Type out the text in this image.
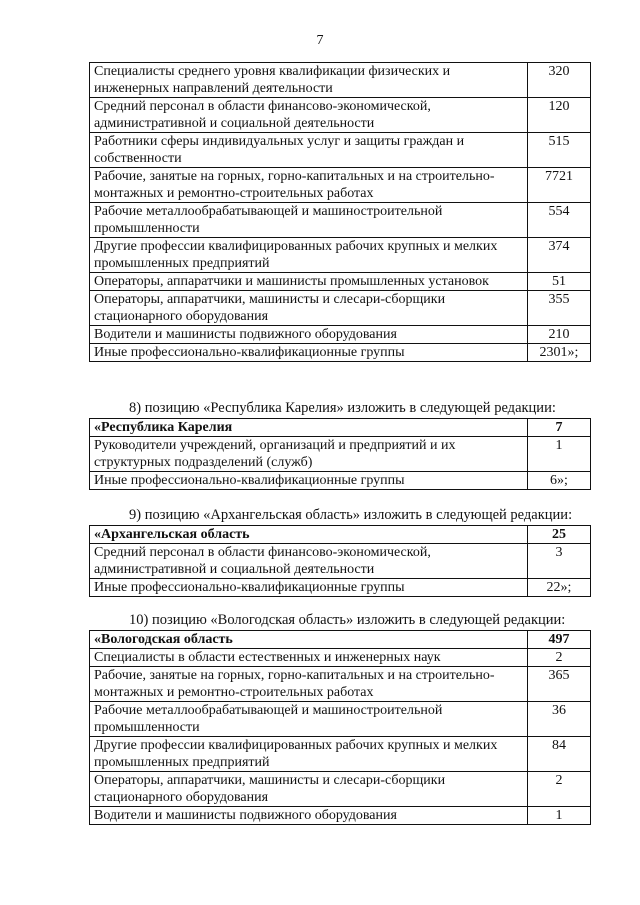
7
Специалисты среднего уровня квалификации физических и инженерных направлений деятельности	320
Средний персонал в области финансово-экономической, административной и социальной деятельности	120
Работники сферы индивидуальных услуг и защиты граждан и собственности	515
Рабочие, занятые на горных, горно-капитальных и на строительно-монтажных и ремонтно-строительных работах	7721
Рабочие металлообрабатывающей и машиностроительной промышленности	554
Другие профессии квалифицированных рабочих крупных и мелких промышленных предприятий	374
Операторы, аппаратчики и машинисты промышленных установок	51
Операторы, аппаратчики, машинисты и слесари-сборщики стационарного оборудования	355
Водители и машинисты подвижного оборудования	210
Иные профессионально-квалификационные группы	2301»;
8) позицию «Республика Карелия» изложить в следующей редакции:
«Республика Карелия	7
Руководители учреждений, организаций и предприятий и их структурных подразделений (служб)	1
Иные профессионально-квалификационные группы	6»;
9) позицию «Архангельская область» изложить в следующей редакции:
«Архангельская область	25
Средний персонал в области финансово-экономической, административной и социальной деятельности	3
Иные профессионально-квалификационные группы	22»;
10) позицию «Вологодская область» изложить в следующей редакции:
«Вологодская область	497
Специалисты в области естественных и инженерных наук	2
Рабочие, занятые на горных, горно-капитальных и на строительно-монтажных и ремонтно-строительных работах	365
Рабочие металлообрабатывающей и машиностроительной промышленности	36
Другие профессии квалифицированных рабочих крупных и мелких промышленных предприятий	84
Операторы, аппаратчики, машинисты и слесари-сборщики стационарного оборудования	2
Водители и машинисты подвижного оборудования	1
